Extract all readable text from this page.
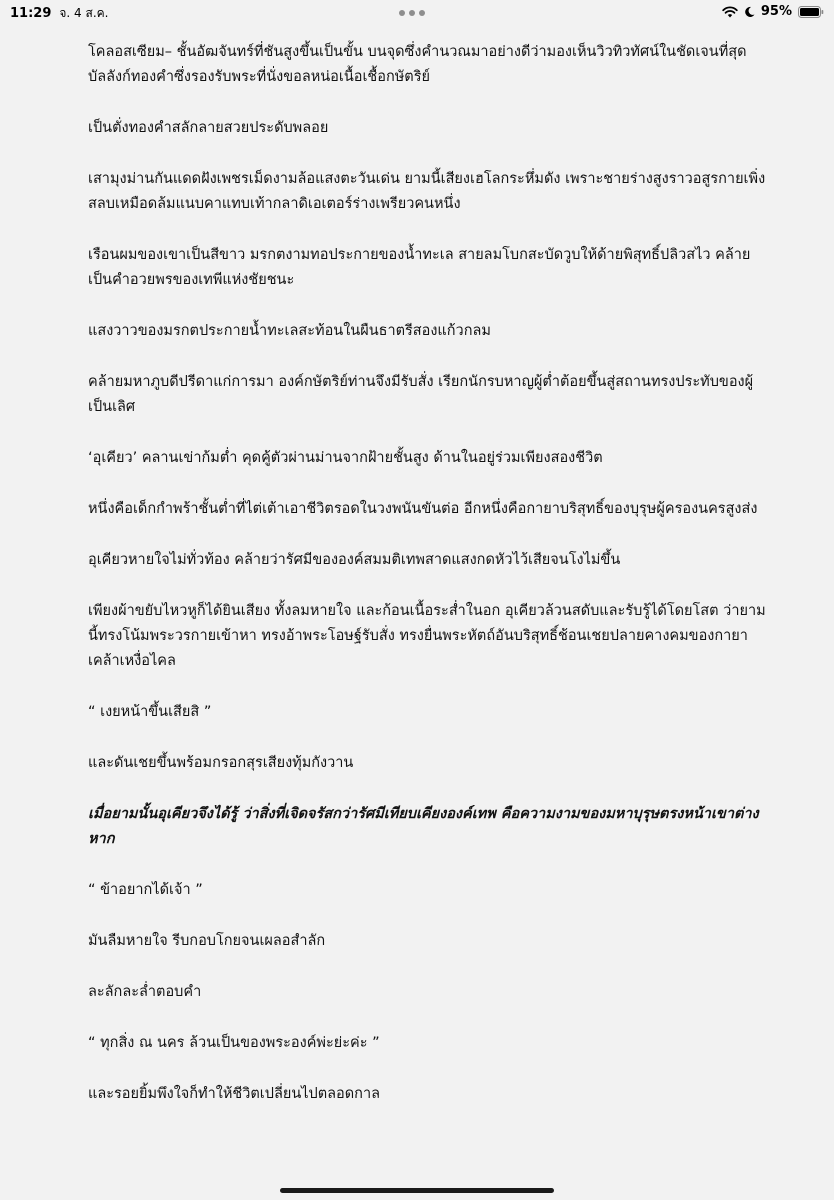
11:29 จ. 4 ส.ค.	95%

โคลอสเซียม– ชั้นอัฒจันทร์ที่ชันสูงขึ้นเป็นขั้น บนจุดซึ่งคำนวณมาอย่างดีว่ามองเห็นวิวทิวทัศน์ในชัดเจนที่สุด บัลลังก์ทองคำซึ่งรองรับพระที่นั่งขอลหน่อเนื้อเชื้อกษัตริย์

เป็นตั่งทองคำสลักลายสวยประดับพลอย

เสามุงม่านกันแดดฝังเพชรเม็ดงามล้อแสงตะวันเด่น ยามนี้เสียงเฮโลกระหึ่มดัง เพราะชายร่างสูงราวอสูรกายเพิ่งสลบเหมือดล้มแนบคาแทบเท้ากลาดิเอเตอร์ร่างเพรียวคนหนึ่ง

เรือนผมของเขาเป็นสีขาว มรกตงามทอประกายของน้ำทะเล สายลมโบกสะบัดวูบให้ด้ายพิสุทธิ์ปลิวสไว คล้ายเป็นคำอวยพรของเทพีแห่งชัยชนะ

แสงวาวของมรกตประกายน้ำทะเลสะท้อนในผืนธาตรีสองแก้วกลม

คล้ายมหาภูบดีปรีดาแก่การมา องค์กษัตริย์ท่านจึงมีรับสั่ง เรียกนักรบหาญผู้ต่ำต้อยขึ้นสู่สถานทรงประทับของผู้เป็นเลิศ

‘อุเคียว’ คลานเข่าก้มต่ำ คุดคู้ตัวผ่านม่านจากฝ้ายชั้นสูง ด้านในอยู่ร่วมเพียงสองชีวิต

หนึ่งคือเด็กกำพร้าชั้นต่ำที่ไต่เต้าเอาชีวิตรอดในวงพนันขันต่อ อีกหนึ่งคือกายาบริสุทธิ์ของบุรุษผู้ครองนครสูงส่ง

อุเคียวหายใจไม่ทั่วท้อง คล้ายว่ารัศมีขององค์สมมติเทพสาดแสงกดหัวไว้เสียจนโงไม่ขึ้น

เพียงผ้าขยับไหวหูก็ได้ยินเสียง ทั้งลมหายใจ และก้อนเนื้อระส่ำในอก อุเคียวล้วนสดับและรับรู้ได้โดยโสต ว่ายามนี้ทรงโน้มพระวรกายเข้าหา ทรงอ้าพระโอษฐ์รับสั่ง ทรงยื่นพระหัตถ์อันบริสุทธิ์ช้อนเชยปลายคางคมของกายาเคล้าเหงื่อไคล

“ เงยหน้าขึ้นเสียสิ ”

และดันเชยขึ้นพร้อมกรอกสุรเสียงทุ้มกังวาน

เมื่อยามนั้นอุเคียวจึงได้รู้ ว่าสิ่งที่เจิดจรัสกว่ารัศมีเทียบเคียงองค์เทพ คือความงามของมหาบุรุษตรงหน้าเขาต่างหาก

“ ข้าอยากได้เจ้า ”

มันลืมหายใจ รีบกอบโกยจนเผลอสำลัก

ละลักละล่ำตอบคำ

“ ทุกสิ่ง ณ นคร ล้วนเป็นของพระองค์พ่ะย่ะค่ะ ”

และรอยยิ้มพึงใจก็ทำให้ชีวิตเปลี่ยนไปตลอดกาล
